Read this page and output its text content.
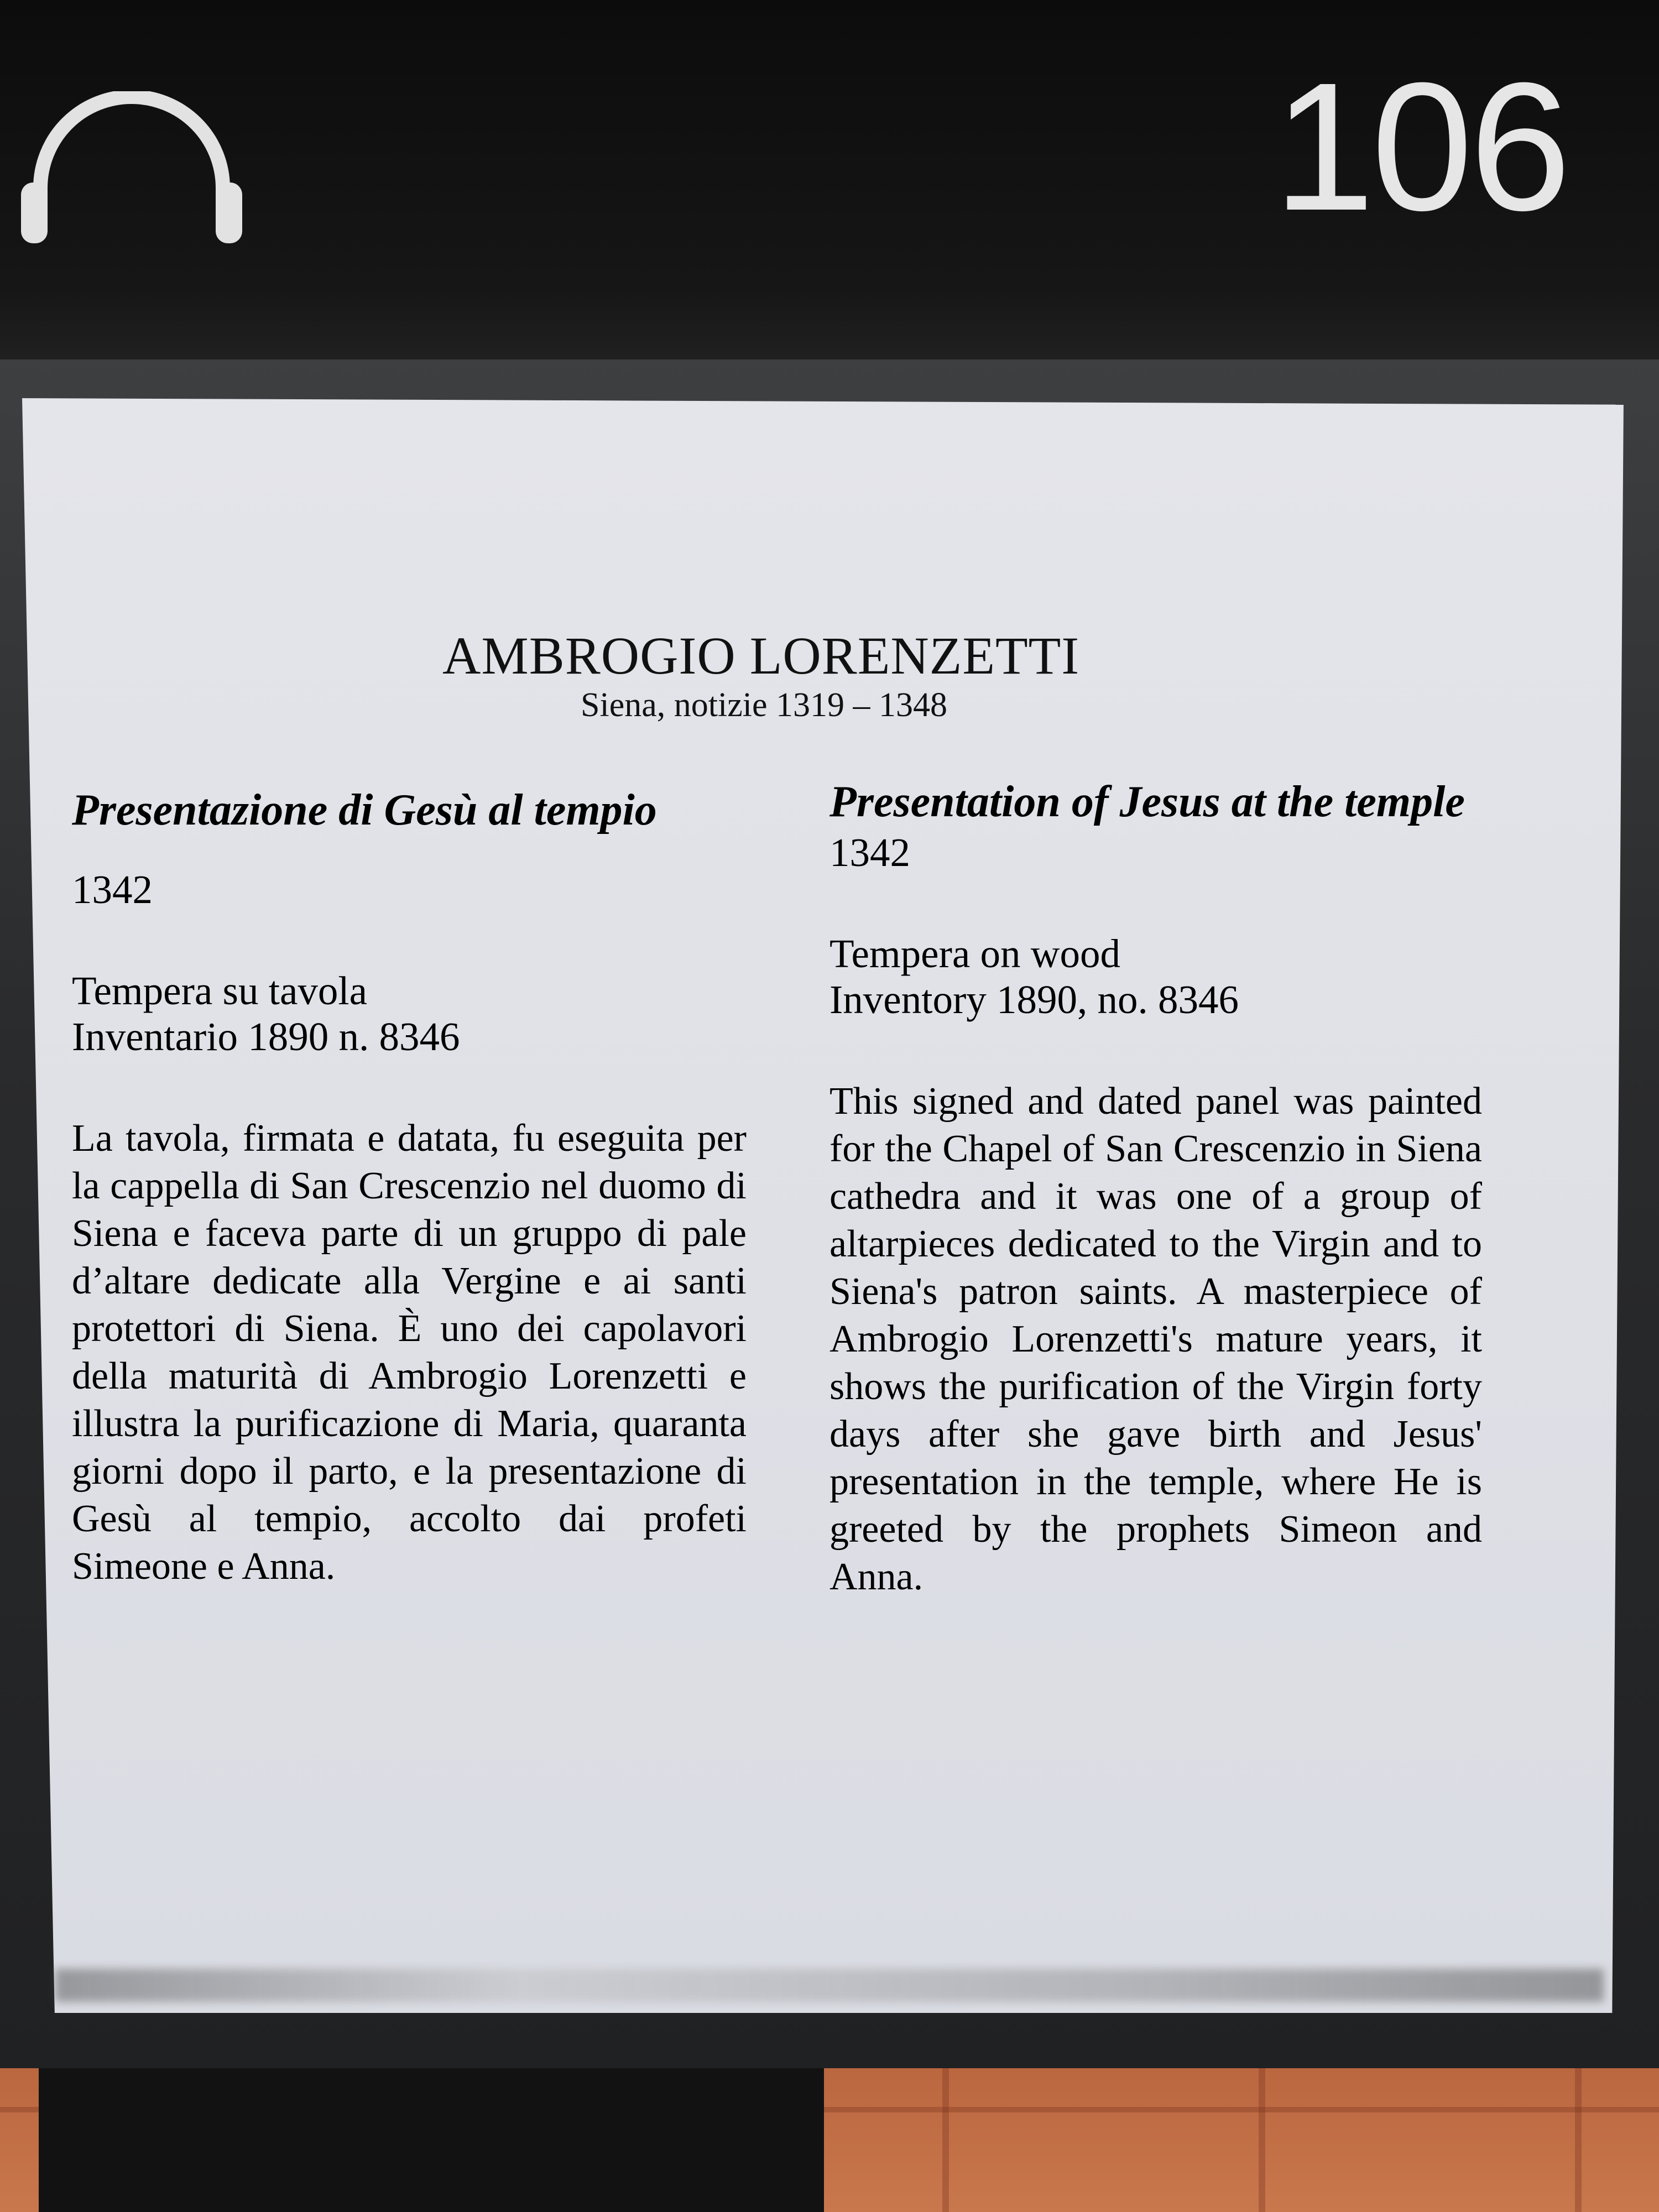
106
AMBROGIO LORENZETTI
Siena, notizie 1319 – 1348

Presentazione di Gesù al tempio

1342

Tempera su tavola

Inventario 1890 n. 8346

La tavola, firmata e datata, fu eseguita per la cappella di San Crescenzio nel duomo di Siena e faceva parte di un gruppo di pale d’altare dedicate alla Vergine e ai santi protettori di Siena. È uno dei capolavori della maturità di Ambrogio Lorenzetti e illustra la purificazione di Maria, quaranta giorni dopo il parto, e la presentazione di Gesù al tempio, accolto dai profeti Simeone e Anna.

Presentation of Jesus at the temple

1342

Tempera on wood

Inventory 1890, no. 8346

This signed and dated panel was painted for the Chapel of San Crescenzio in Siena cathedra and it was one of a group of altarpieces dedicated to the Virgin and to Siena's patron saints. A masterpiece of Ambrogio Lorenzetti's mature years, it shows the purification of the Virgin forty days after she gave birth and Jesus' presentation in the temple, where He is greeted by the prophets Simeon and Anna.
